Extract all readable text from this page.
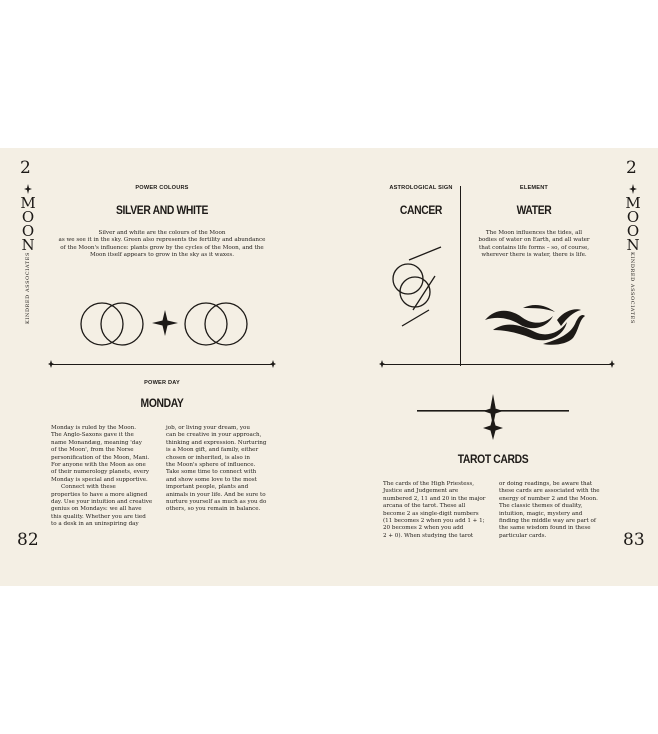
2
M
O
O
N
KINDRED ASSOCIATES
POWER COLOURS
SILVER AND WHITE
Silver and white are the colours of the Moon
as we see it in the sky. Green also represents the fertility and abundance
of the Moon's influence: plants grow by the cycles of the Moon, and the
Moon itself appears to grow in the sky as it waxes.
POWER DAY
MONDAY
Monday is ruled by the Moon.
The Anglo-Saxons gave it the
name Monandæg, meaning 'day
of the Moon', from the Norse
personification of the Moon, Mani.
For anyone with the Moon as one
of their numerology planets, every
Monday is special and supportive.
Connect with these
properties to have a more aligned
day. Use your intuition and creative
genius on Mondays: we all have
this quality. Whether you are tied
to a desk in an uninspiring day
job, or living your dream, you
can be creative in your approach,
thinking and expression. Nurturing
is a Moon gift, and family, either
chosen or inherited, is also in
the Moon's sphere of influence.
Take some time to connect with
and show some love to the most
important people, plants and
animals in your life. And be sure to
nurture yourself as much as you do
others, so you remain in balance.
82
ASTROLOGICAL SIGN
CANCER
ELEMENT
WATER
The Moon influences the tides, all
bodies of water on Earth, and all water
that contains life forms – so, of course,
wherever there is water, there is life.
TAROT CARDS
The cards of the High Priestess,
Justice and Judgement are
numbered 2, 11 and 20 in the major
arcana of the tarot. These all
become 2 as single-digit numbers
(11 becomes 2 when you add 1 + 1;
20 becomes 2 when you add
2 + 0). When studying the tarot
or doing readings, be aware that
these cards are associated with the
energy of number 2 and the Moon.
The classic themes of duality,
intuition, magic, mystery and
finding the middle way are part of
the same wisdom found in these
particular cards.
2
M
O
O
N
KINDRED ASSOCIATES
83
